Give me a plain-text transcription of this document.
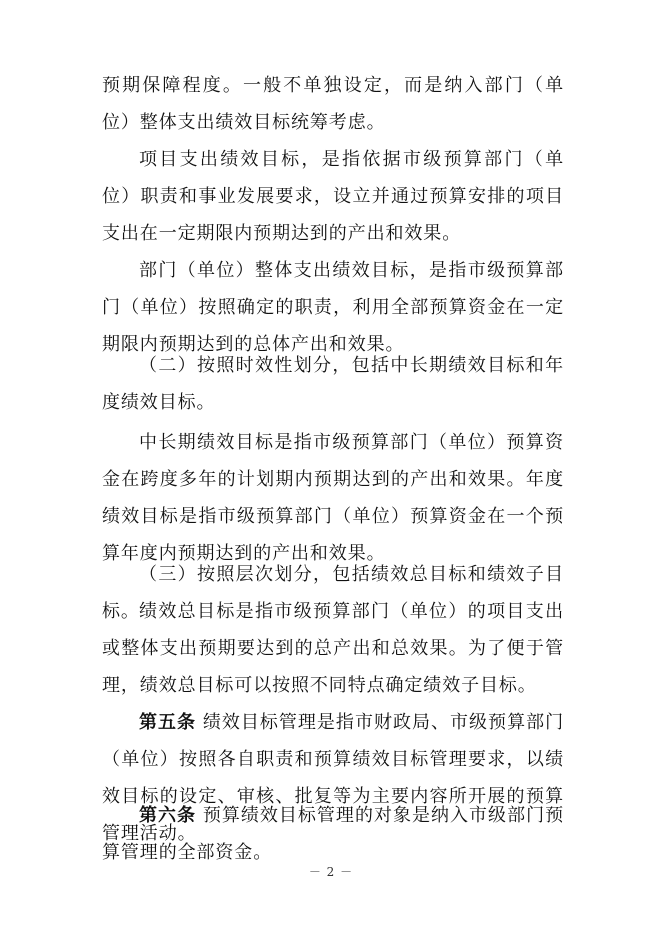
预期保障程度。一般不单独设定，而是纳入部门（单位）整体支出绩效目标统筹考虑。

项目支出绩效目标，是指依据市级预算部门（单位）职责和事业发展要求，设立并通过预算安排的项目支出在一定期限内预期达到的产出和效果。

部门（单位）整体支出绩效目标，是指市级预算部门（单位）按照确定的职责，利用全部预算资金在一定期限内预期达到的总体产出和效果。

（二）按照时效性划分，包括中长期绩效目标和年度绩效目标。

中长期绩效目标是指市级预算部门（单位）预算资金在跨度多年的计划期内预期达到的产出和效果。年度绩效目标是指市级预算部门（单位）预算资金在一个预算年度内预期达到的产出和效果。

（三）按照层次划分，包括绩效总目标和绩效子目标。 绩效总目标是指市级预算部门（单位）的项目支出或整体支出预期要达到的总产出和总效果。为了便于管理，绩效总目标可以按照不同特点确定绩效子目标。

第五条 绩效目标管理是指市财政局、市级预算部门（单位）按照各自职责和预算绩效目标管理要求，以绩效目标的设定、审核、批复等为主要内容所开展的预算管理活动。

第六条 预算绩效目标管理的对象是纳入市级部门预算管理的全部资金。

－ 2 －
